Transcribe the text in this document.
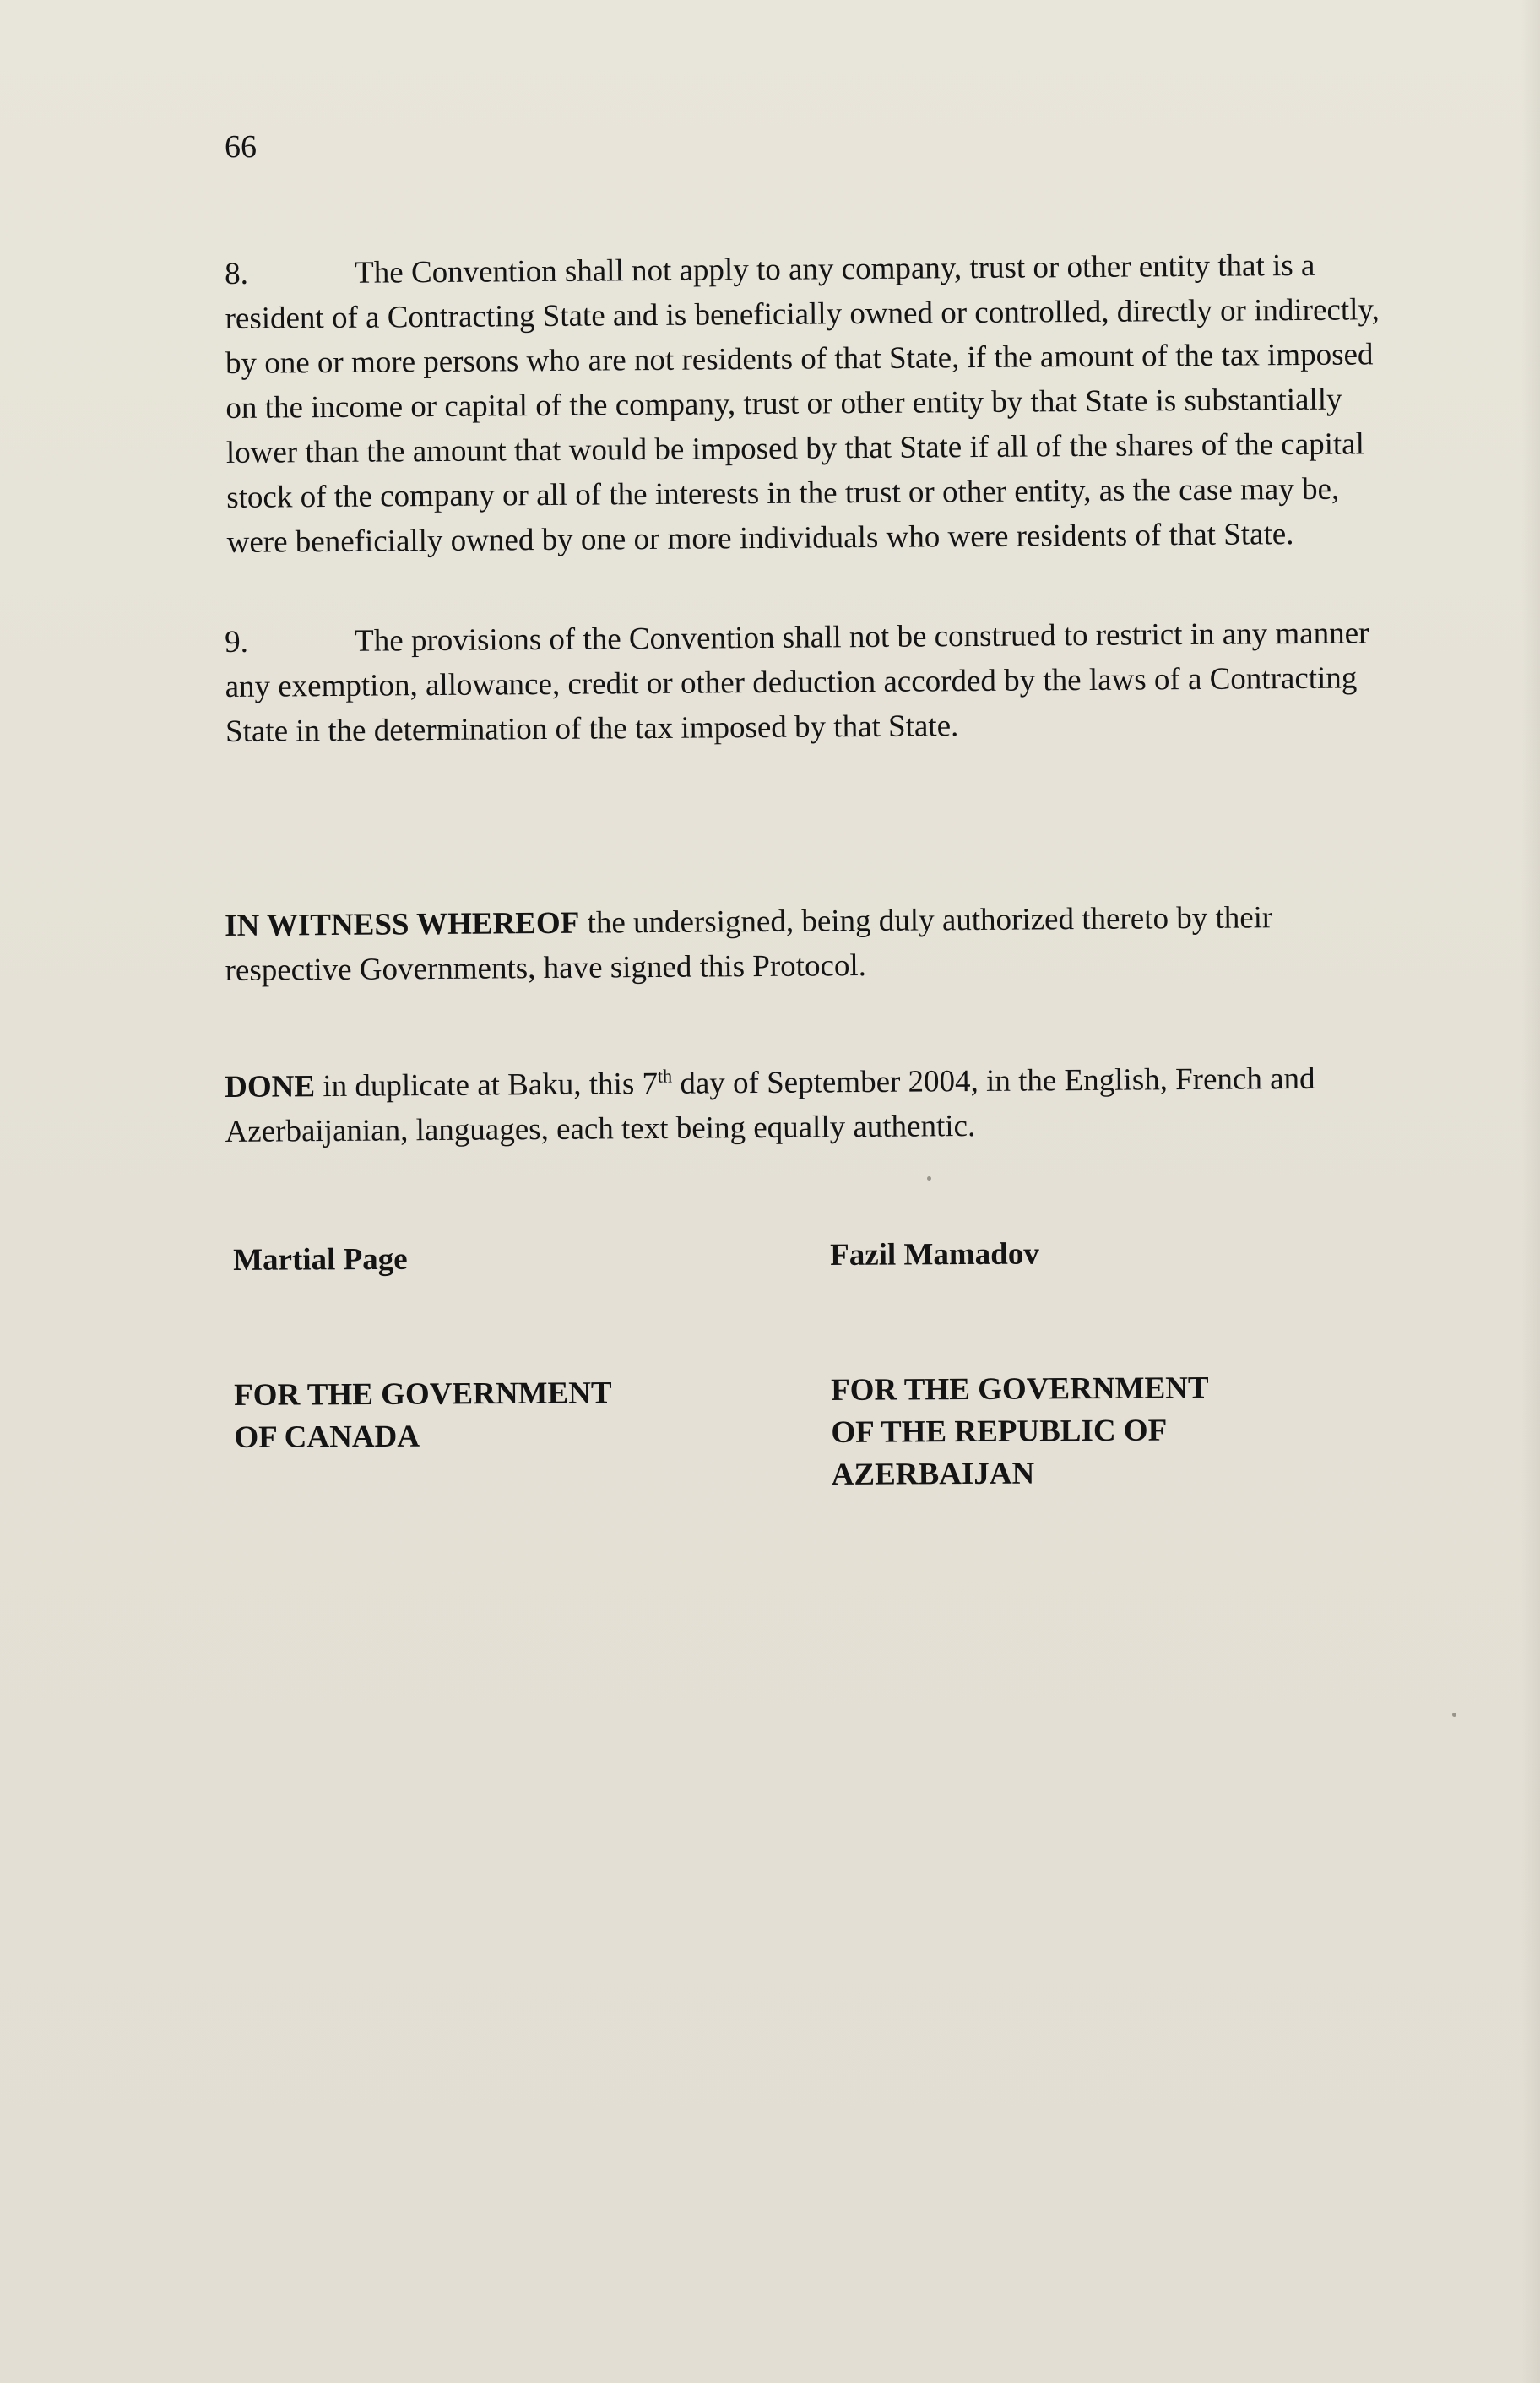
66
8.	The Convention shall not apply to any company, trust or other entity that is a resident of a Contracting State and is beneficially owned or controlled, directly or indirectly, by one or more persons who are not residents of that State, if the amount of the tax imposed on the income or capital of the company, trust or other entity by that State is substantially lower than the amount that would be imposed by that State if all of the shares of the capital stock of the company or all of the interests in the trust or other entity, as the case may be, were beneficially owned by one or more individuals who were residents of that State.
9.	The provisions of the Convention shall not be construed to restrict in any manner any exemption, allowance, credit or other deduction accorded by the laws of a Contracting State in the determination of the tax imposed by that State.
IN WITNESS WHEREOF the undersigned, being duly authorized thereto by their respective Governments, have signed this Protocol.
DONE in duplicate at Baku, this 7th day of September 2004, in the English, French and Azerbaijanian, languages, each text being equally authentic.
Martial Page
FOR THE GOVERNMENT
OF CANADA
Fazil Mamadov
FOR THE GOVERNMENT
OF THE REPUBLIC OF
AZERBAIJAN
